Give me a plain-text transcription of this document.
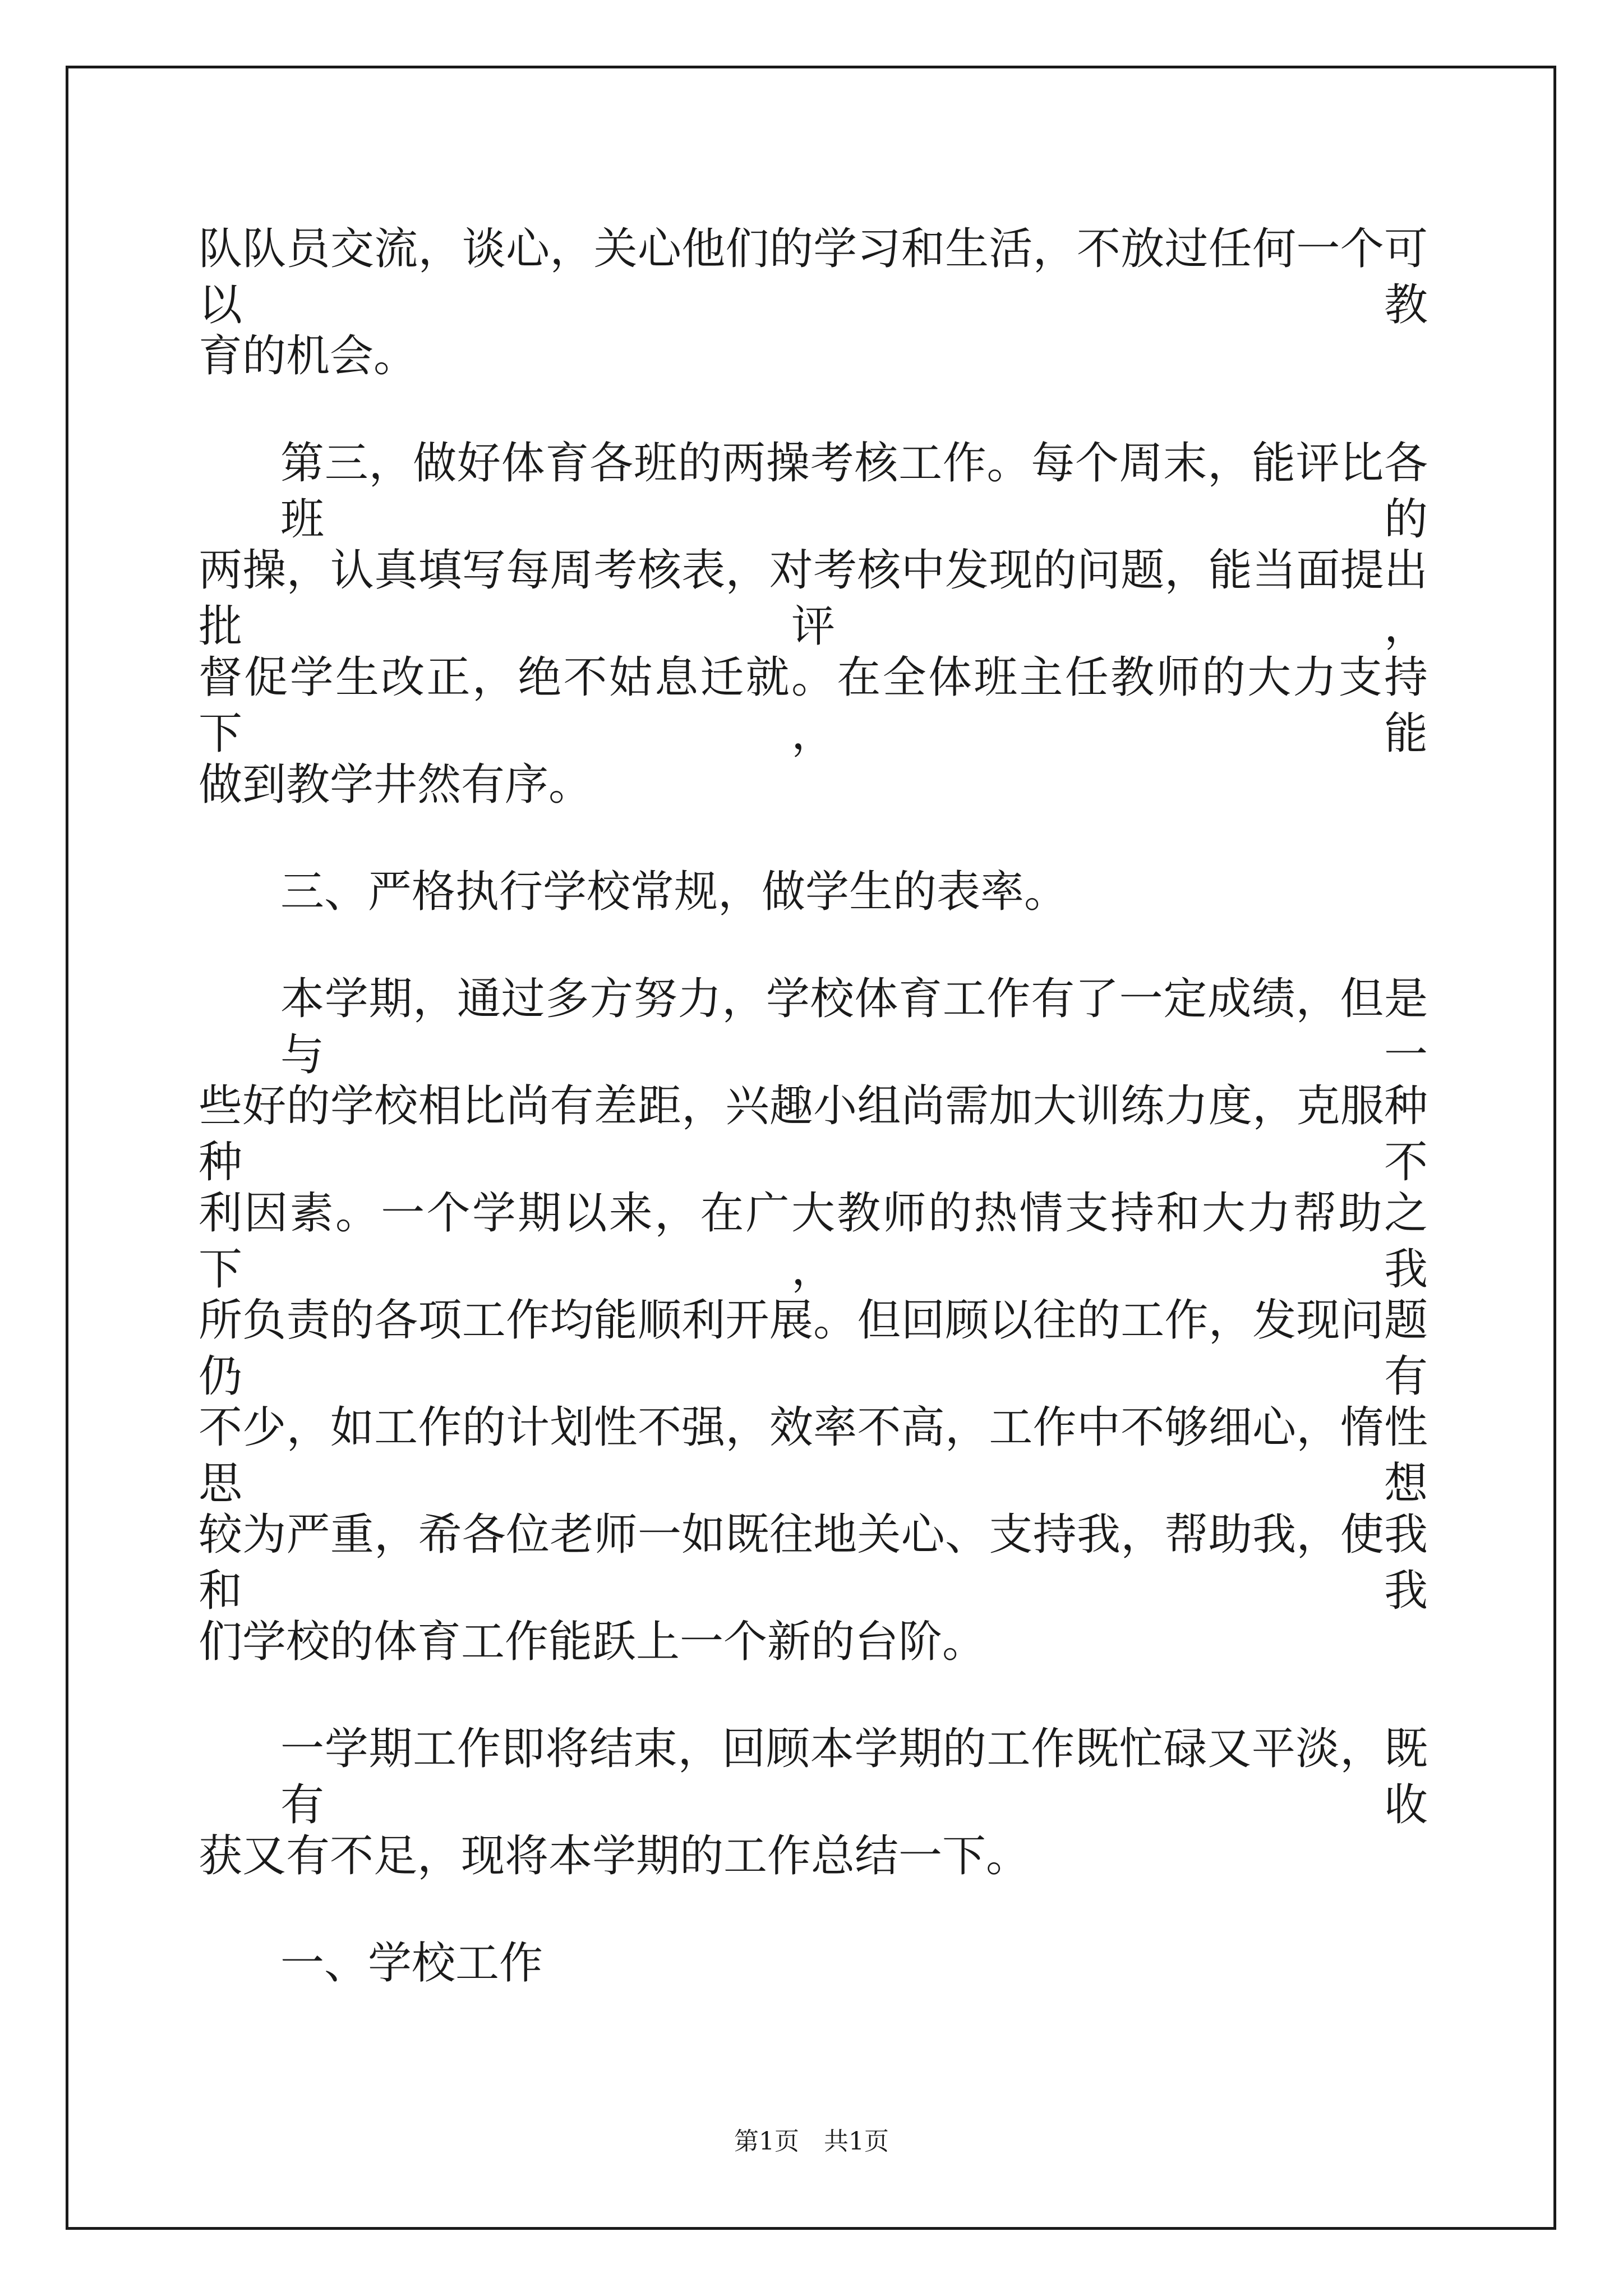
队队员交流，谈心，关心他们的学习和生活，不放过任何一个可以教

育的机会。

第三，做好体育各班的两操考核工作。每个周末，能评比各班的

两操，认真填写每周考核表，对考核中发现的问题，能当面提出批评，

督促学生改正，绝不姑息迁就。在全体班主任教师的大力支持下，能

做到教学井然有序。

三、严格执行学校常规，做学生的表率。

本学期，通过多方努力，学校体育工作有了一定成绩，但是与一

些好的学校相比尚有差距，兴趣小组尚需加大训练力度，克服种种不

利因素。一个学期以来，在广大教师的热情支持和大力帮助之下，我

所负责的各项工作均能顺利开展。但回顾以往的工作，发现问题仍有

不少，如工作的计划性不强，效率不高，工作中不够细心，惰性思想

较为严重，希各位老师一如既往地关心、支持我，帮助我，使我和我

们学校的体育工作能跃上一个新的台阶。

一学期工作即将结束，回顾本学期的工作既忙碌又平淡，既有收

获又有不足，现将本学期的工作总结一下。

一、学校工作

第1页　共1页
